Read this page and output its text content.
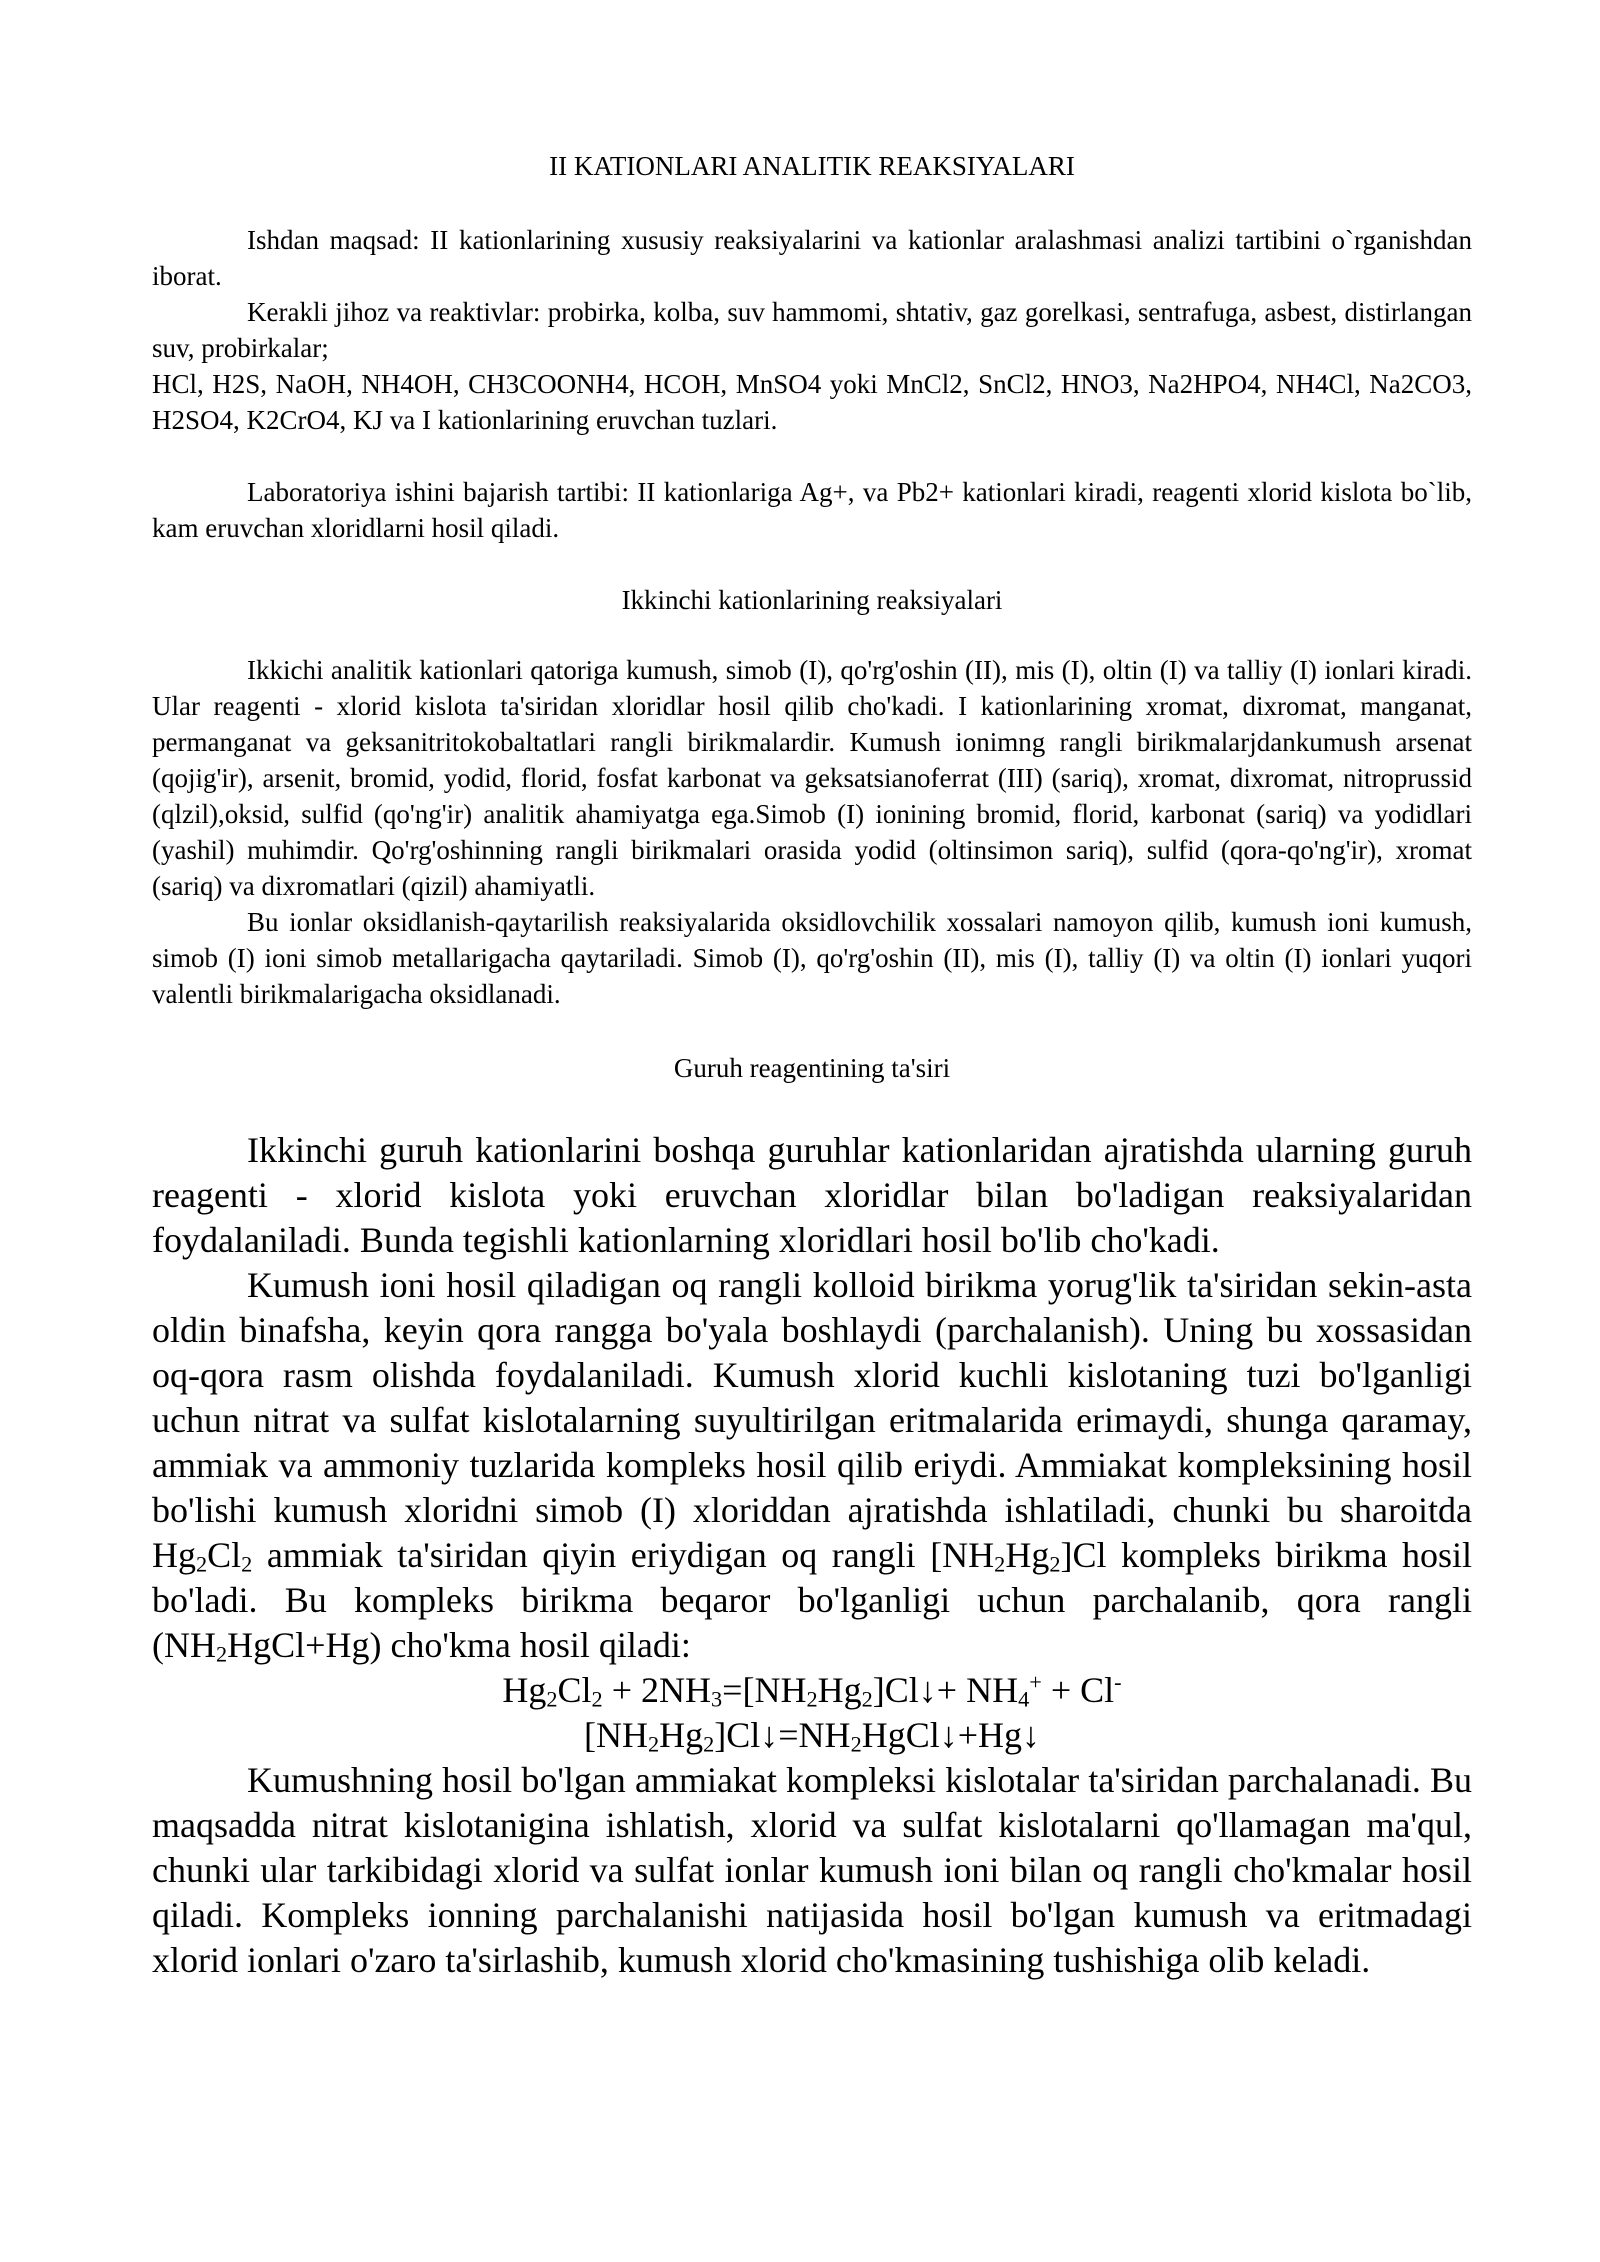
II KATIONLARI ANALITIK REAKSIYALARI

Ishdan maqsad: II kationlarining xususiy reaksiyalarini va kationlar aralashmasi analizi tartibini o`rganishdan iborat.

Kerakli jihoz va reaktivlar: probirka, kolba, suv hammomi, shtativ, gaz gorelkasi, sentrafuga, asbest, distirlangan suv, probirkalar;

HCl, H2S, NaOH, NH4OH, CH3COONH4, HCOH, MnSO4 yoki MnCl2, SnCl2, HNO3, Na2HPO4, NH4Cl, Na2CO3, H2SO4, K2CrO4, KJ va I kationlarining eruvchan tuzlari.

Laboratoriya ishini bajarish tartibi: II kationlariga Ag+, va Pb2+ kationlari kiradi, reagenti xlorid kislota bo`lib, kam eruvchan xloridlarni hosil qiladi.

Ikkinchi kationlarining reaksiyalari

Ikkichi analitik kationlari qatoriga kumush, simob (I), qo'rg'oshin (II), mis (I), oltin (I) va talliy (I) ionlari kiradi. Ular reagenti - xlorid kislota ta'siridan xloridlar hosil qilib cho'kadi. I kationlarining xromat, dixromat, manganat, permanganat va geksanitritokobaltatlari rangli birikmalardir. Kumush ionimng rangli birikmalarjdankumush arsenat (qojig'ir), arsenit, bromid, yodid, florid, fosfat karbonat va geksatsianoferrat (III) (sariq), xromat, dixromat, nitroprussid (qlzil),oksid, sulfid (qo'ng'ir) analitik ahamiyatga ega.Simob (I) ionining bromid, florid, karbonat (sariq) va yodidlari (yashil) muhimdir. Qo'rg'oshinning rangli birikmalari orasida yodid (oltinsimon sariq), sulfid (qora-qo'ng'ir), xromat (sariq) va dixromatlari (qizil) ahamiyatli.

Bu ionlar oksidlanish-qaytarilish reaksiyalarida oksidlovchilik xossalari namoyon qilib, kumush ioni kumush, simob (I) ioni simob metallarigacha qaytariladi. Simob (I), qo'rg'oshin (II), mis (I), talliy (I) va oltin (I) ionlari yuqori valentli birikmalarigacha oksidlanadi.

Guruh reagentining ta'siri

Ikkinchi guruh kationlarini boshqa guruhlar kationlaridan ajratishda ularning guruh reagenti - xlorid kislota yoki eruvchan xloridlar bilan bo'ladigan reaksiyalaridan foydalaniladi. Bunda tegishli kationlarning xloridlari hosil bo'lib cho'kadi.

Kumush ioni hosil qiladigan oq rangli kolloid birikma yorug'lik ta'siridan sekin-asta oldin binafsha, keyin qora rangga bo'yala boshlaydi (parchalanish). Uning bu xossasidan oq-qora rasm olishda foydalaniladi. Kumush xlorid kuchli kislotaning tuzi bo'lganligi uchun nitrat va sulfat kislotalarning suyultirilgan eritmalarida erimaydi, shunga qaramay, ammiak va ammoniy tuzlarida kompleks hosil qilib eriydi. Ammiakat kompleksining hosil bo'lishi kumush xloridni simob (I) xloriddan ajratishda ishlatiladi, chunki bu sharoitda $Hg_2Cl_2$ ammiak ta'siridan qiyin eriydigan oq rangli $[NH_2Hg_2]Cl$ kompleks birikma hosil bo'ladi. Bu kompleks birikma beqaror bo'lganligi uchun parchalanib, qora rangli $(NH_2HgCl+Hg)$ cho'kma hosil qiladi:

$Hg_2Cl_2$ + $2NH_3=[NH_2Hg_2]Cl↓+ NH_4^+ + Cl^-$
$[NH_2Hg_2]Cl↓=NH_2HgCl↓+Hg↓$

Kumushning hosil bo'lgan ammiakat kompleksi kislotalar ta'siridan parchalanadi. Bu maqsadda nitrat kislotanigina ishlatish, xlorid va sulfat kislotalarni qo'llamagan ma'qul, chunki ular tarkibidagi xlorid va sulfat ionlar kumush ioni bilan oq rangli cho'kmalar hosil qiladi. Kompleks ionning parchalanishi natijasida hosil bo'lgan kumush va eritmadagi xlorid ionlari o'zaro ta'sirlashib, kumush xlorid cho'kmasining tushishiga olib keladi.
